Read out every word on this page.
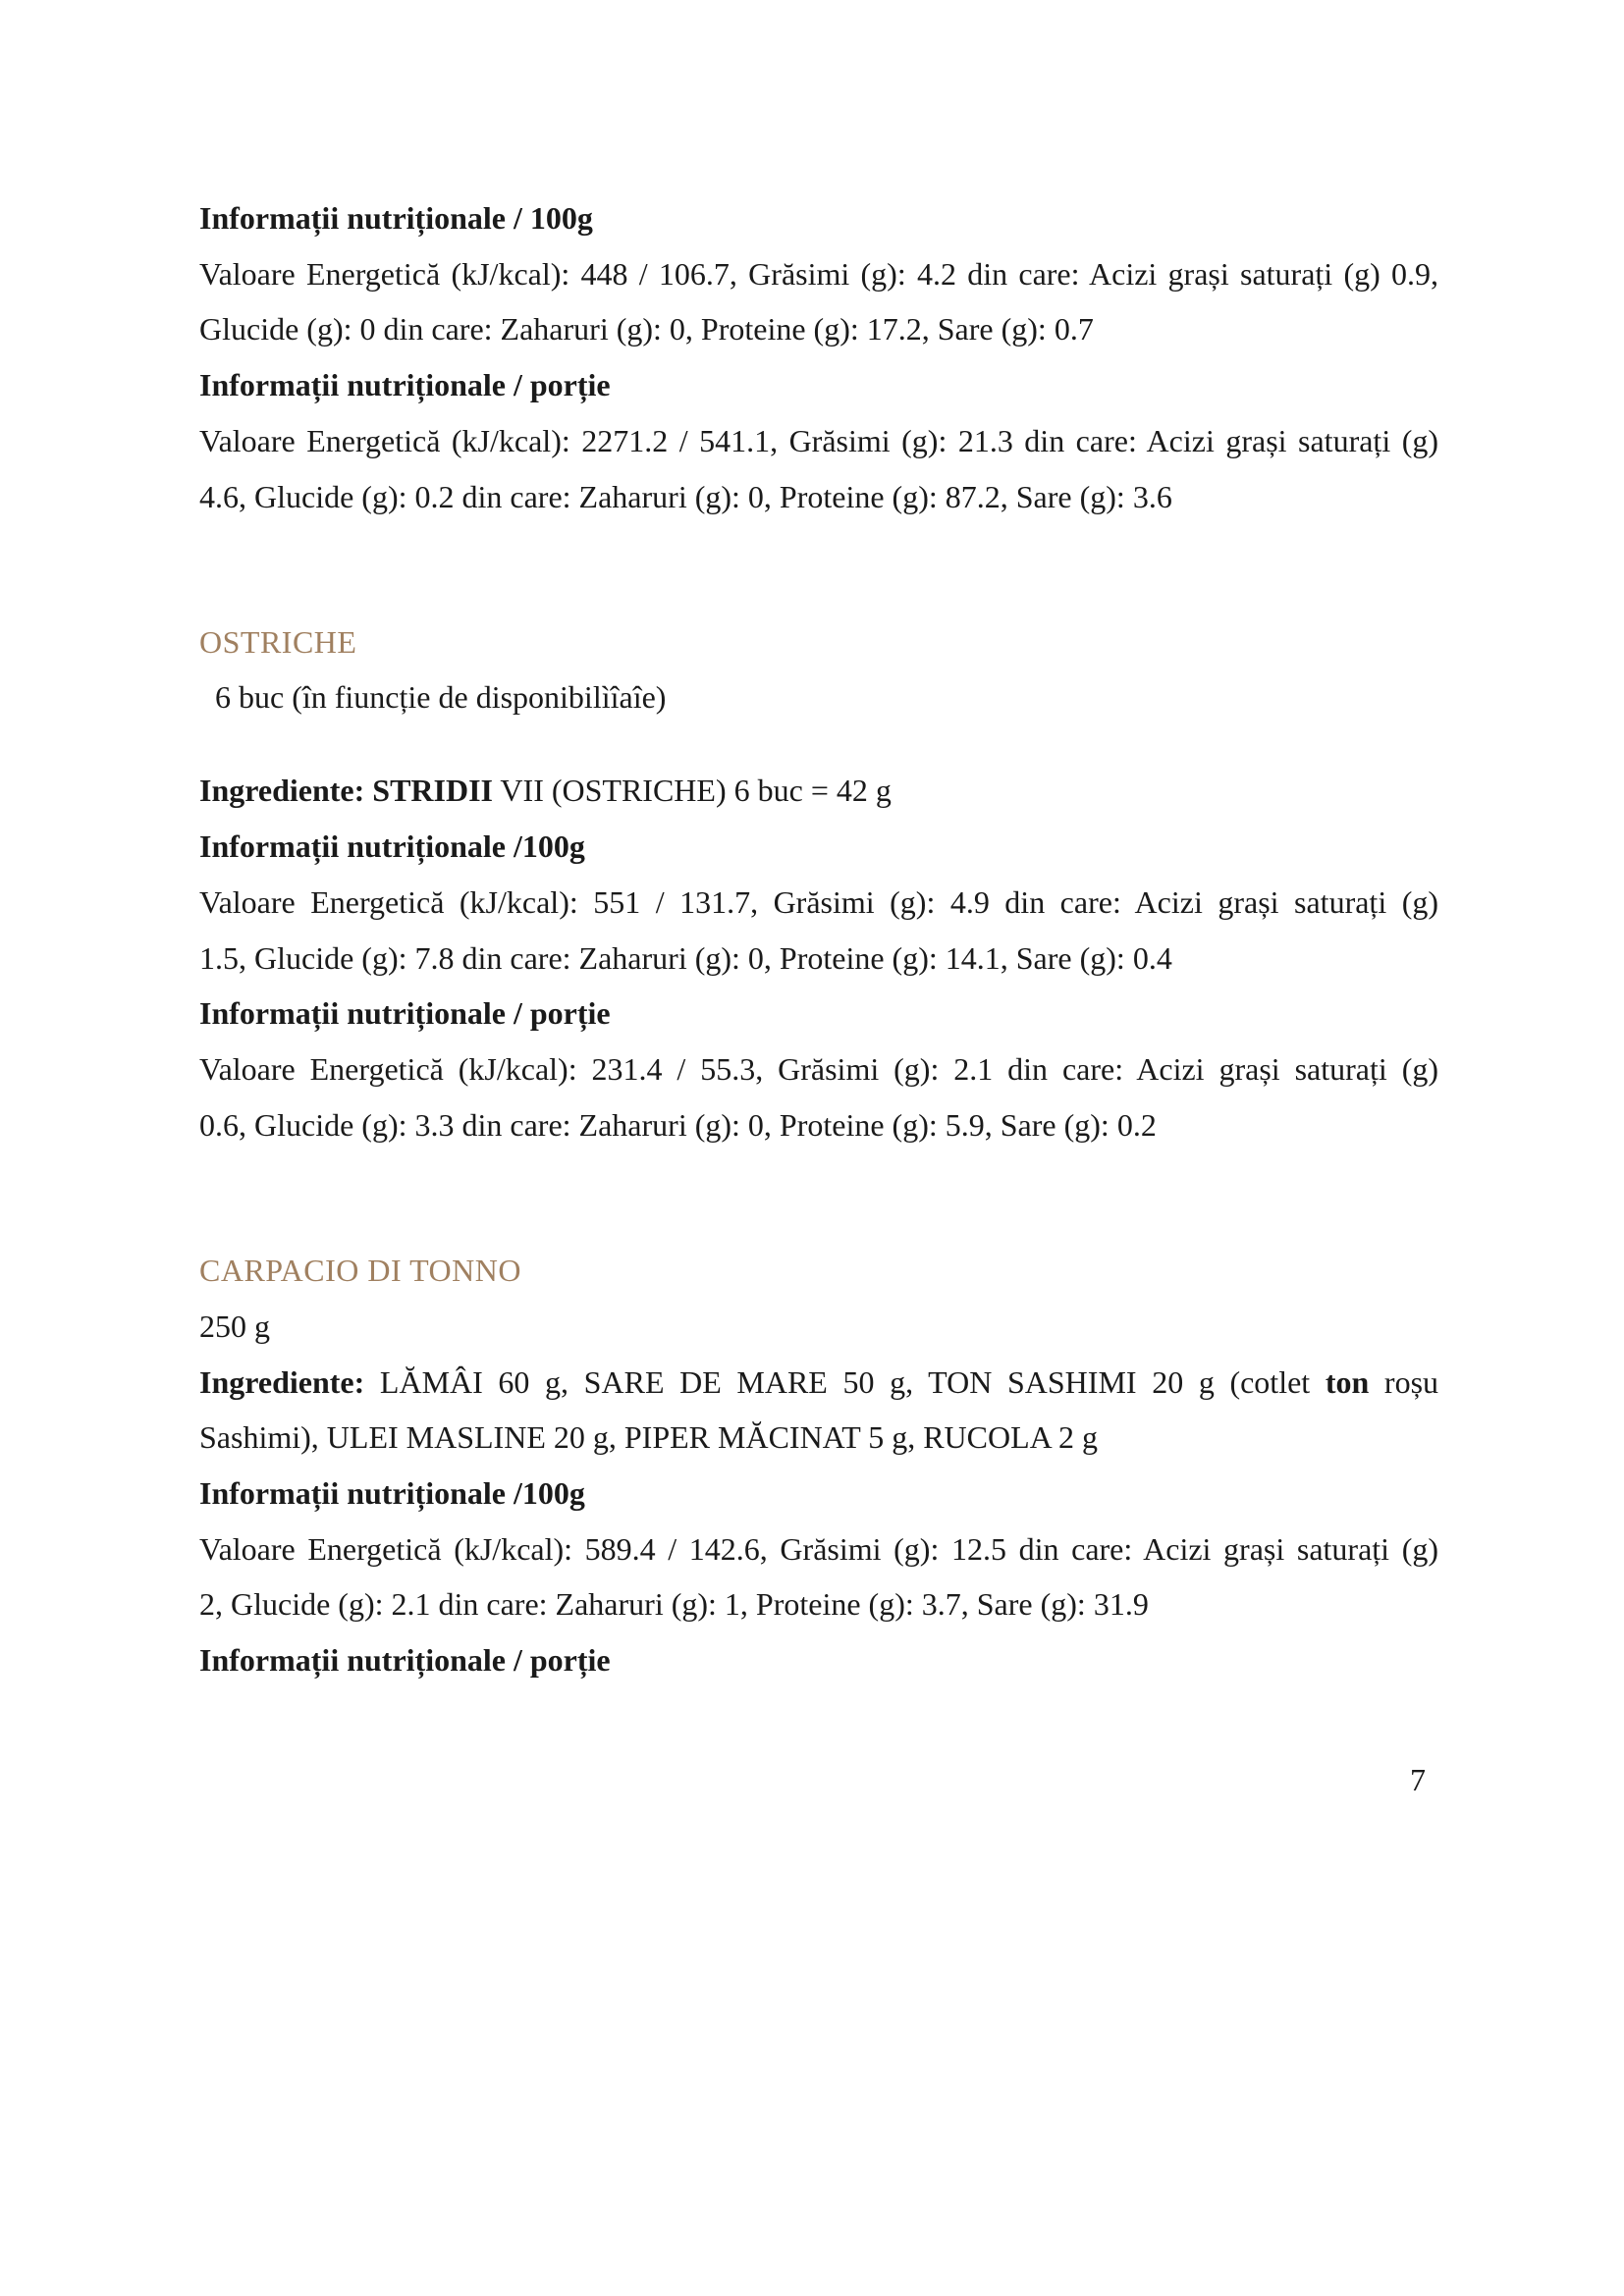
Informații nutriționale / 100g
Valoare Energetică (kJ/kcal): 448 / 106.7, Grăsimi (g): 4.2 din care: Acizi grași saturați (g) 0.9,
Glucide (g): 0 din care: Zaharuri (g): 0, Proteine (g): 17.2, Sare (g): 0.7
Informații nutriționale / porție
Valoare Energetică (kJ/kcal): 2271.2 / 541.1, Grăsimi (g): 21.3 din care: Acizi grași saturați (g)
4.6, Glucide (g): 0.2 din care: Zaharuri (g): 0, Proteine (g): 87.2, Sare (g): 3.6
OSTRICHE
6 buc (în fiuncție de disponibilìîaîe)
Ingrediente: STRIDII VII (OSTRICHE) 6 buc = 42 g
Informații nutriționale /100g
Valoare Energetică (kJ/kcal): 551 / 131.7, Grăsimi (g): 4.9 din care: Acizi grași saturați (g)
1.5, Glucide (g): 7.8 din care: Zaharuri (g): 0, Proteine (g): 14.1, Sare (g): 0.4
Informații nutriționale / porție
Valoare Energetică (kJ/kcal): 231.4 / 55.3, Grăsimi (g): 2.1 din care: Acizi grași saturați (g)
0.6, Glucide (g): 3.3 din care: Zaharuri (g): 0, Proteine (g): 5.9, Sare (g): 0.2
CARPACIO DI TONNO
250 g
Ingrediente: LĂMÂI 60 g, SARE DE MARE 50 g, TON SASHIMI 20 g (cotlet ton roșu
Sashimi), ULEI MASLINE 20 g, PIPER MĂCINAT 5 g, RUCOLA 2 g
Informații nutriționale /100g
Valoare Energetică (kJ/kcal): 589.4 / 142.6, Grăsimi (g): 12.5 din care: Acizi grași saturați (g)
2, Glucide (g): 2.1 din care: Zaharuri (g): 1, Proteine (g): 3.7, Sare (g): 31.9
Informații nutriționale / porție
7
